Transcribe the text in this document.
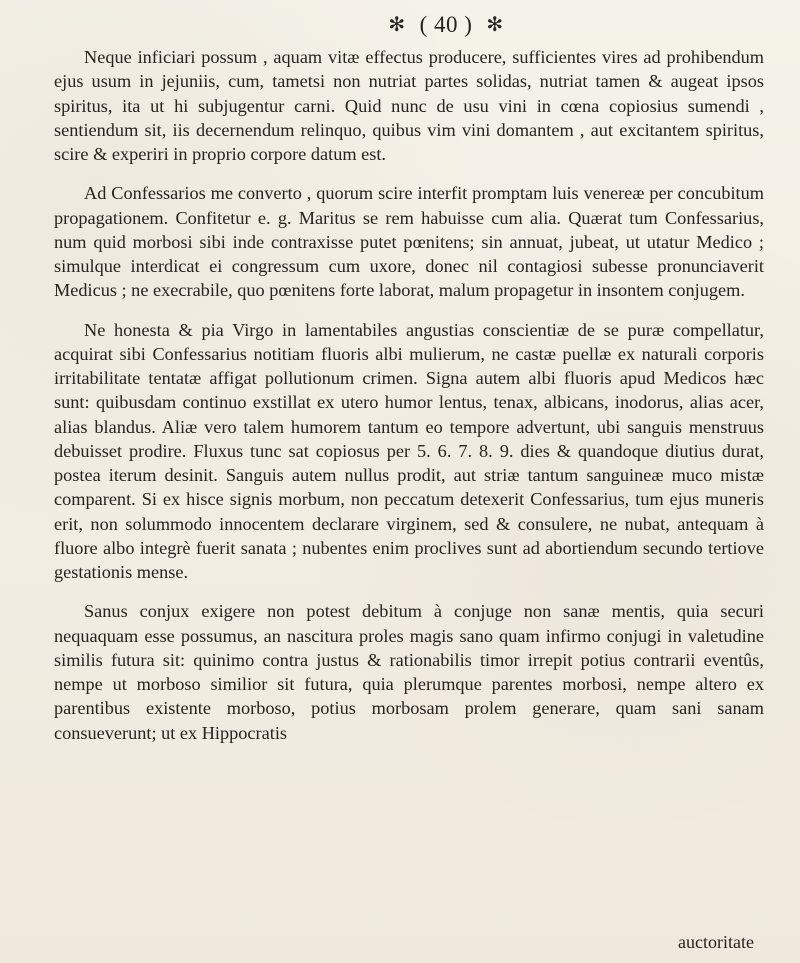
✻ ( 40 ) ✻

Neque inficiari possum , aquam vitæ effectus producere, sufficientes vires ad prohibendum ejus usum in jejuniis, cum, tametsi non nutriat partes solidas, nutriat tamen & augeat ipsos spiritus, ita ut hi subjugentur carni. Quid nunc de usu vini in cœna copiosius sumendi , sentiendum sit, iis decernendum relinquo, quibus vim vini domantem , aut excitantem spiritus, scire & experiri in proprio corpore datum est.

Ad Confessarios me converto , quorum scire interfit promptam luis venereæ per concubitum propagationem. Confitetur e. g. Maritus se rem habuisse cum alia. Quærat tum Confessarius, num quid morbosi sibi inde contraxisse putet pœnitens; sin annuat, jubeat, ut utatur Medico ; simulque interdicat ei congressum cum uxore, donec nil contagiosi subesse pronunciaverit Medicus ; ne execrabile, quo pœnitens forte laborat, malum propagetur in insontem conjugem.

Ne honesta & pia Virgo in lamentabiles angustias conscientiæ de se puræ compellatur, acquirat sibi Confessarius notitiam fluoris albi mulierum, ne castæ puellæ ex naturali corporis irritabilitate tentatæ affigat pollutionum crimen. Signa autem albi fluoris apud Medicos hæc sunt: quibusdam continuo exstillat ex utero humor lentus, tenax, albicans, inodorus, alias acer, alias blandus. Aliæ vero talem humorem tantum eo tempore advertunt, ubi sanguis menstruus debuisset prodire. Fluxus tunc sat copiosus per 5. 6. 7. 8. 9. dies & quandoque diutius durat, postea iterum desinit. Sanguis autem nullus prodit, aut striæ tantum sanguineæ muco mistæ comparent. Si ex hisce signis morbum, non peccatum detexerit Confessarius, tum ejus muneris erit, non solummodo innocentem declarare virginem, sed & consulere, ne nubat, antequam à fluore albo integrè fuerit sanata ; nubentes enim proclives sunt ad abortiendum secundo tertiove gestationis mense.

Sanus conjux exigere non potest debitum à conjuge non sanæ mentis, quia securi nequaquam esse possumus, an nascitura proles magis sano quam infirmo conjugi in valetudine similis futura sit: quinimo contra justus & rationabilis timor irrepit potius contrarii eventûs, nempe ut morboso similior sit futura, quia plerumque parentes morbosi, nempe altero ex parentibus existente morboso, potius morbosam prolem generare, quam sani sanam consueverunt; ut ex Hippocratis

auctoritate
